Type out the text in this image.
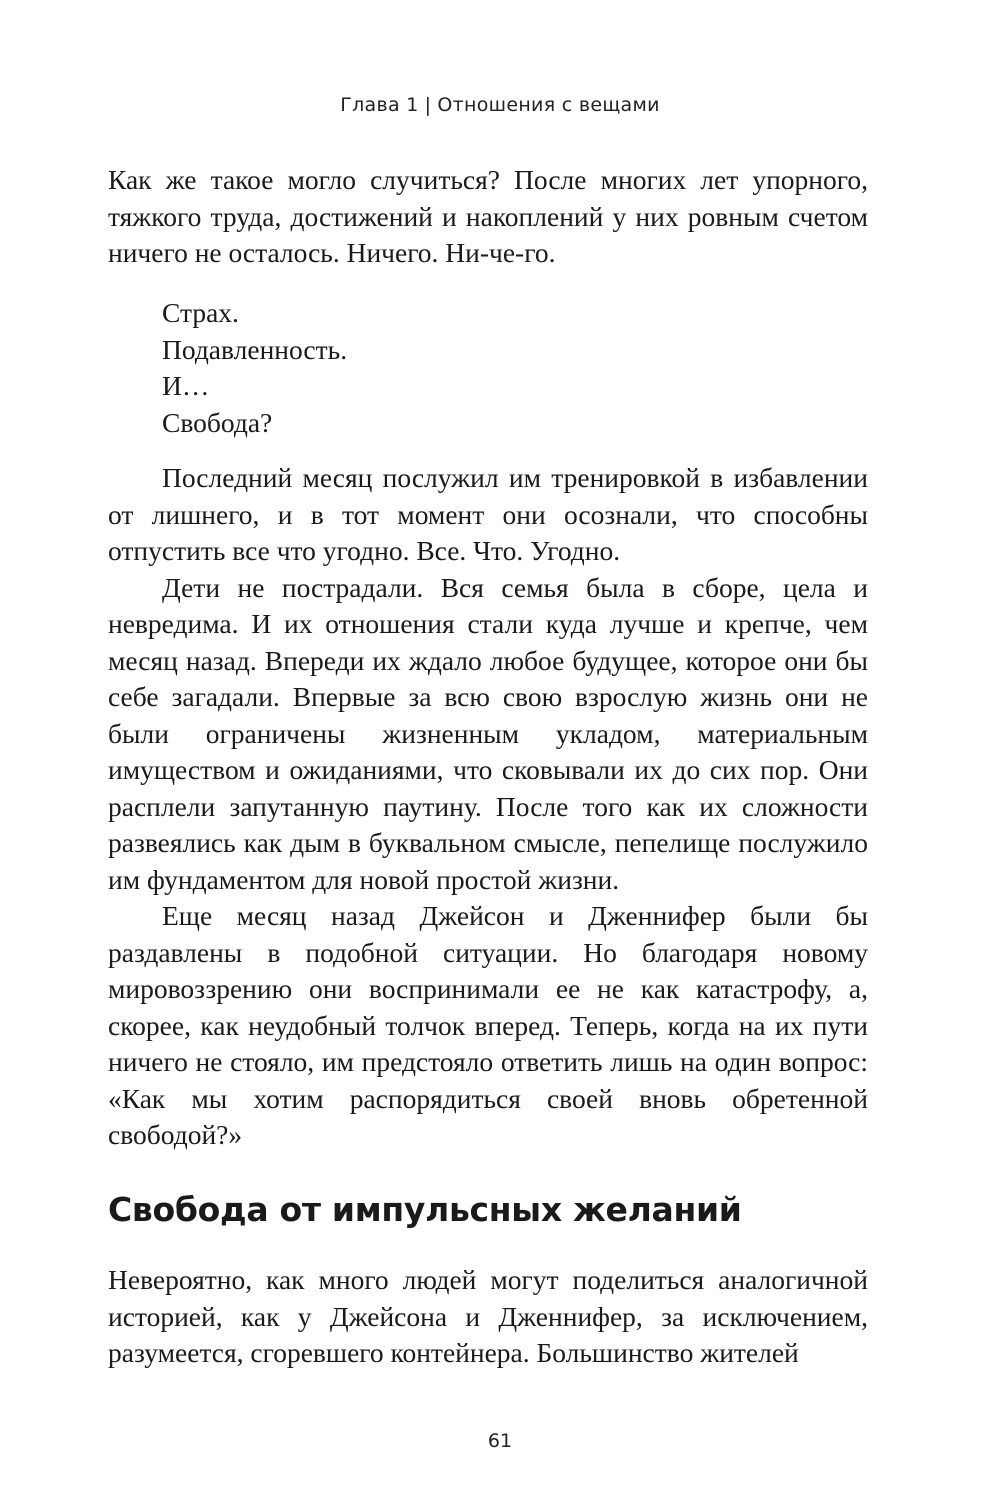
Глава 1 | Отношения с вещами

Как же такое могло случиться? После многих лет упорного, тяжкого труда, достижений и накоплений у них ровным счетом ничего не осталось. Ничего. Ни-че-го.

Страх.
Подавленность.
И…
Свобода?

Последний месяц послужил им тренировкой в избавлении от лишнего, и в тот момент они осознали, что способны отпустить все что угодно. Все. Что. Угодно.

Дети не пострадали. Вся семья была в сборе, цела и невредима. И их отношения стали куда лучше и крепче, чем месяц назад. Впереди их ждало любое будущее, которое они бы себе загадали. Впервые за всю свою взрослую жизнь они не были ограничены жизненным укладом, материальным имуществом и ожиданиями, что сковывали их до сих пор. Они расплели запутанную паутину. После того как их сложности развеялись как дым в буквальном смысле, пепелище послужило им фундаментом для новой простой жизни.

Еще месяц назад Джейсон и Дженнифер были бы раздавлены в подобной ситуации. Но благодаря новому мировоззрению они воспринимали ее не как катастрофу, а, скорее, как неудобный толчок вперед. Теперь, когда на их пути ничего не стояло, им предстояло ответить лишь на один вопрос: «Как мы хотим распорядиться своей вновь обретенной свободой?»

Свобода от импульсных желаний

Невероятно, как много людей могут поделиться аналогичной историей, как у Джейсона и Дженнифер, за исключением, разумеется, сгоревшего контейнера. Большинство жителей

61
